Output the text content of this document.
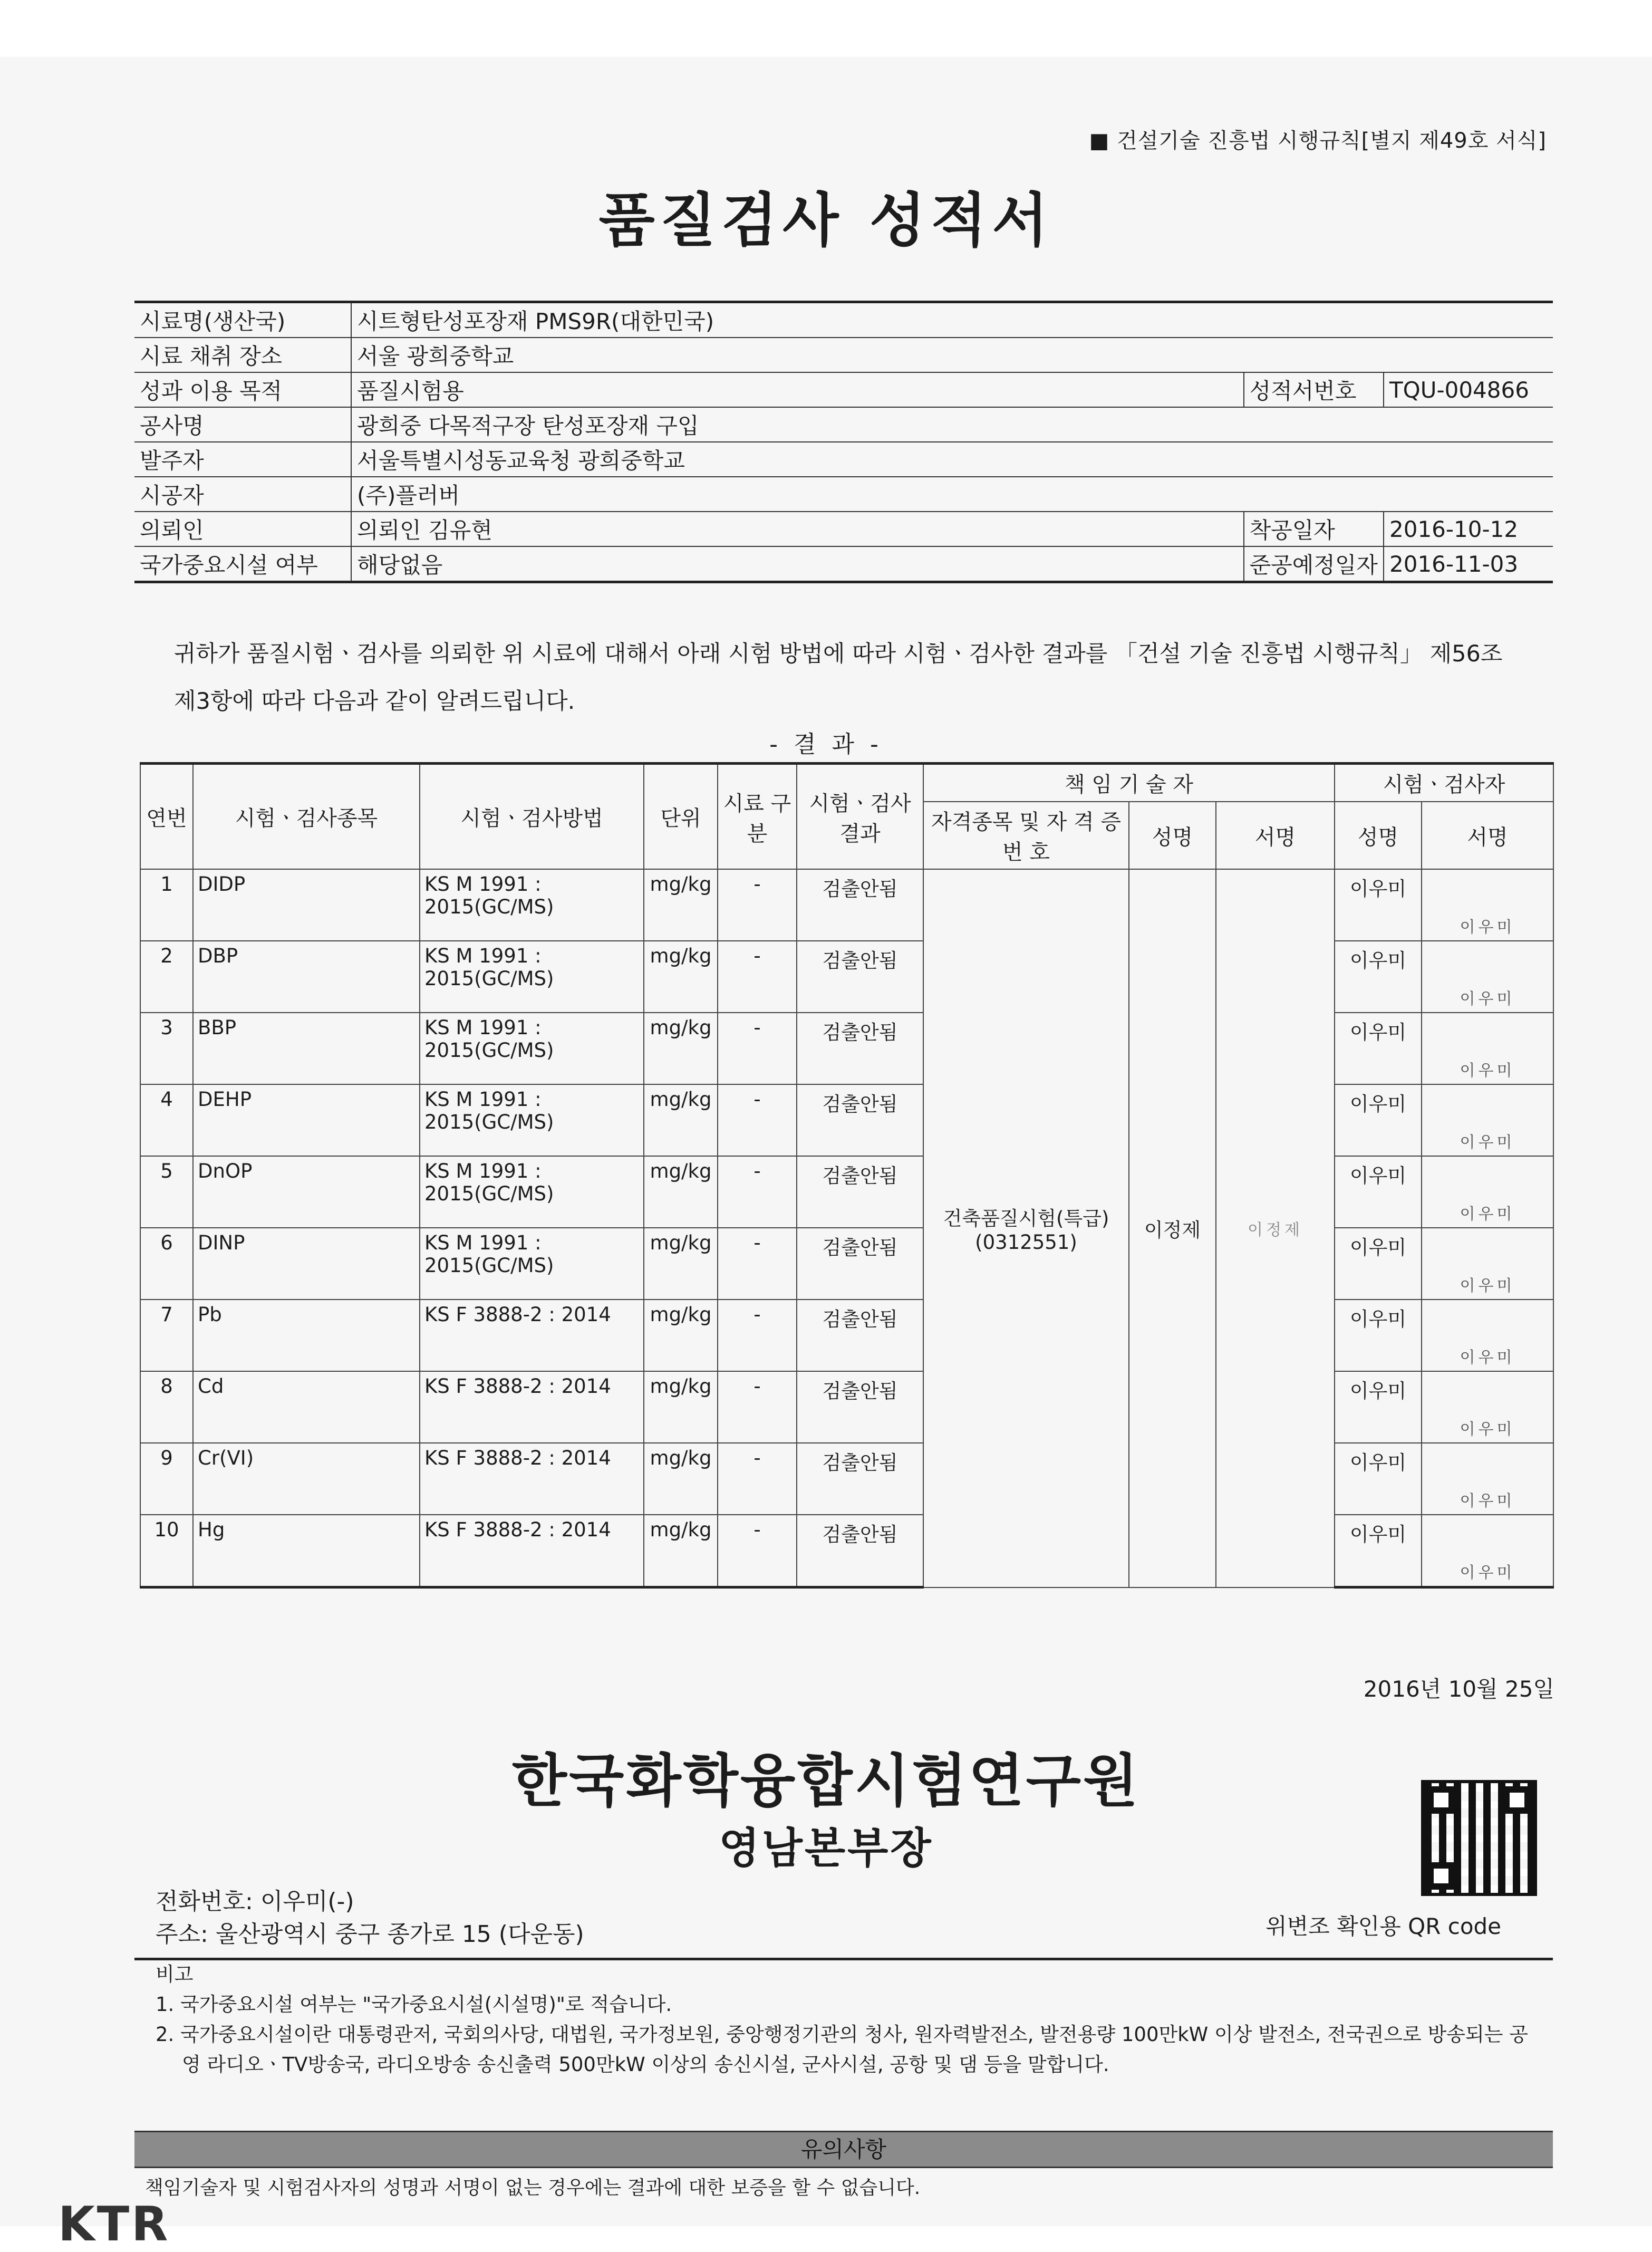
■ 건설기술 진흥법 시행규칙[별지 제49호 서식]
품질검사 성적서
시료명(생산국)	시트형탄성포장재 PMS9R(대한민국)		
시료 채취 장소	서울 광희중학교		
성과 이용 목적	품질시험용	성적서번호	TQU-004866
공사명	광희중 다목적구장 탄성포장재 구입		
발주자	서울특별시성동교육청 광희중학교		
시공자	(주)플러버		
의뢰인	의뢰인 김유현	착공일자	2016-10-12
국가중요시설 여부	해당없음	준공예정일자	2016-11-03
귀하가 품질시험ㆍ검사를 의뢰한 위 시료에 대해서 아래 시험 방법에 따라 시험ㆍ검사한 결과를 「건설 기술 진흥법 시행규칙」 제56조제3항에 따라 다음과 같이 알려드립니다.
- 결 과 -
연번	시험ㆍ검사종목	시험ㆍ검사방법	단위	시료 구분	시험ㆍ검사 결과	책 임 기 술 자			시험ㆍ검사자	
						자격종목 및 자 격 증 번 호	성명	서명	성명	서명
1	DIDP	KS M 1991 : 2015(GC/MS)	mg/kg	-	검출안됨	건축품질시험(특급) (0312551)	이정제	이정제	이우미	이우미
2	DBP	KS M 1991 : 2015(GC/MS)	mg/kg	-	검출안됨				이우미	이우미
3	BBP	KS M 1991 : 2015(GC/MS)	mg/kg	-	검출안됨				이우미	이우미
4	DEHP	KS M 1991 : 2015(GC/MS)	mg/kg	-	검출안됨				이우미	이우미
5	DnOP	KS M 1991 : 2015(GC/MS)	mg/kg	-	검출안됨				이우미	이우미
6	DINP	KS M 1991 : 2015(GC/MS)	mg/kg	-	검출안됨				이우미	이우미
7	Pb	KS F 3888-2 : 2014	mg/kg	-	검출안됨				이우미	이우미
8	Cd	KS F 3888-2 : 2014	mg/kg	-	검출안됨				이우미	이우미
9	Cr(VI)	KS F 3888-2 : 2014	mg/kg	-	검출안됨				이우미	이우미
10	Hg	KS F 3888-2 : 2014	mg/kg	-	검출안됨				이우미	이우미
2016년 10월 25일
한국화학융합시험연구원
영남본부장
위변조 확인용 QR code
전화번호: 이우미(-)
주소: 울산광역시 중구 종가로 15 (다운동)
비고
1. 국가중요시설 여부는 "국가중요시설(시설명)"로 적습니다.
2. 국가중요시설이란 대통령관저, 국회의사당, 대법원, 국가정보원, 중앙행정기관의 청사, 원자력발전소, 발전용량 100만kW 이상 발전소, 전국권으로 방송되는 공영 라디오ㆍTV방송국, 라디오방송 송신출력 500만kW 이상의 송신시설, 군사시설, 공항 및 댐 등을 말합니다.
유의사항
책임기술자 및 시험검사자의 성명과 서명이 없는 경우에는 결과에 대한 보증을 할 수 없습니다.
KTR
